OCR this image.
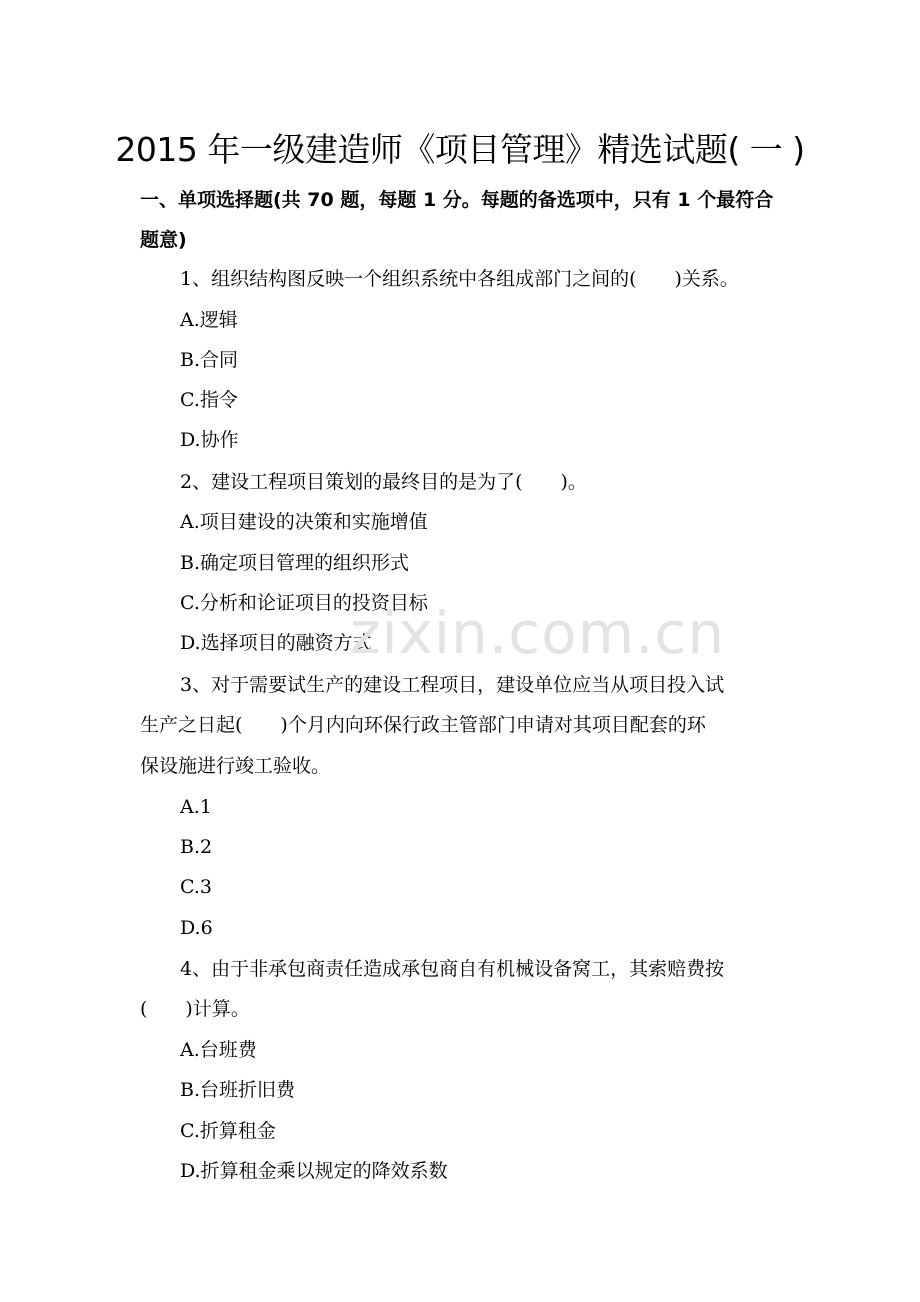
2015 年一级建造师《项目管理》精选试题( 一 )
一、单项选择题(共 70 题，每题 1 分。每题的备选项中，只有 1 个最符合题意)
1、组织结构图反映一个组织系统中各组成部门之间的(　　)关系。
A.逻辑
B.合同
C.指令
D.协作
2、建设工程项目策划的最终目的是为了(　　)。
A.项目建设的决策和实施增值
B.确定项目管理的组织形式
C.分析和论证项目的投资目标
D.选择项目的融资方式
3、对于需要试生产的建设工程项目，建设单位应当从项目投入试
生产之日起(　　)个月内向环保行政主管部门申请对其项目配套的环
保设施进行竣工验收。
A.1
B.2
C.3
D.6
4、由于非承包商责任造成承包商自有机械设备窝工，其索赔费按
(　　)计算。
A.台班费
B.台班折旧费
C.折算租金
D.折算租金乘以规定的降效系数
zixin.com.cn
